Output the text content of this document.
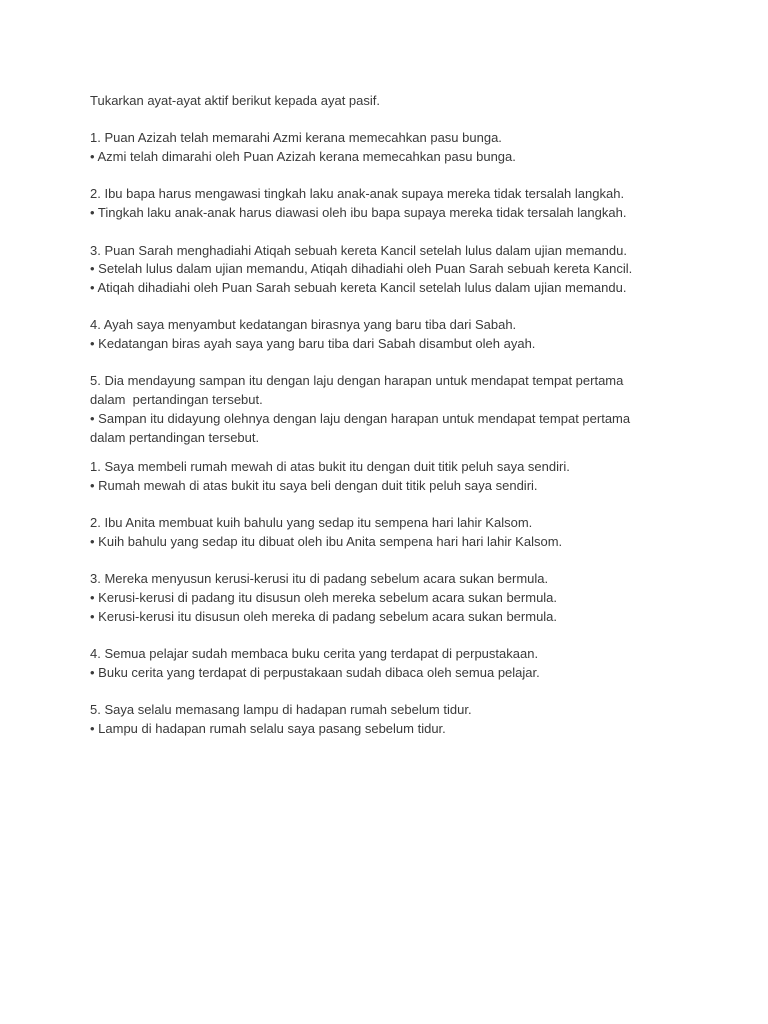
Tukarkan ayat-ayat aktif berikut kepada ayat pasif.

1. Puan Azizah telah memarahi Azmi kerana memecahkan pasu bunga.

• Azmi telah dimarahi oleh Puan Azizah kerana memecahkan pasu bunga.

2. Ibu bapa harus mengawasi tingkah laku anak-anak supaya mereka tidak tersalah langkah.

• Tingkah laku anak-anak harus diawasi oleh ibu bapa supaya mereka tidak tersalah langkah.

3. Puan Sarah menghadiahi Atiqah sebuah kereta Kancil setelah lulus dalam ujian memandu.

• Setelah lulus dalam ujian memandu, Atiqah dihadiahi oleh Puan Sarah sebuah kereta Kancil.

• Atiqah dihadiahi oleh Puan Sarah sebuah kereta Kancil setelah lulus dalam ujian memandu.

4. Ayah saya menyambut kedatangan birasnya yang baru tiba dari Sabah.

• Kedatangan biras ayah saya yang baru tiba dari Sabah disambut oleh ayah.

5. Dia mendayung sampan itu dengan laju dengan harapan untuk mendapat tempat pertama
dalam  pertandingan tersebut.

• Sampan itu didayung olehnya dengan laju dengan harapan untuk mendapat tempat pertama
dalam pertandingan tersebut.

1. Saya membeli rumah mewah di atas bukit itu dengan duit titik peluh saya sendiri.

• Rumah mewah di atas bukit itu saya beli dengan duit titik peluh saya sendiri.

2. Ibu Anita membuat kuih bahulu yang sedap itu sempena hari lahir Kalsom.

• Kuih bahulu yang sedap itu dibuat oleh ibu Anita sempena hari hari lahir Kalsom.

3. Mereka menyusun kerusi-kerusi itu di padang sebelum acara sukan bermula.

• Kerusi-kerusi di padang itu disusun oleh mereka sebelum acara sukan bermula.

• Kerusi-kerusi itu disusun oleh mereka di padang sebelum acara sukan bermula.

4. Semua pelajar sudah membaca buku cerita yang terdapat di perpustakaan.

• Buku cerita yang terdapat di perpustakaan sudah dibaca oleh semua pelajar.

5. Saya selalu memasang lampu di hadapan rumah sebelum tidur.

• Lampu di hadapan rumah selalu saya pasang sebelum tidur.
